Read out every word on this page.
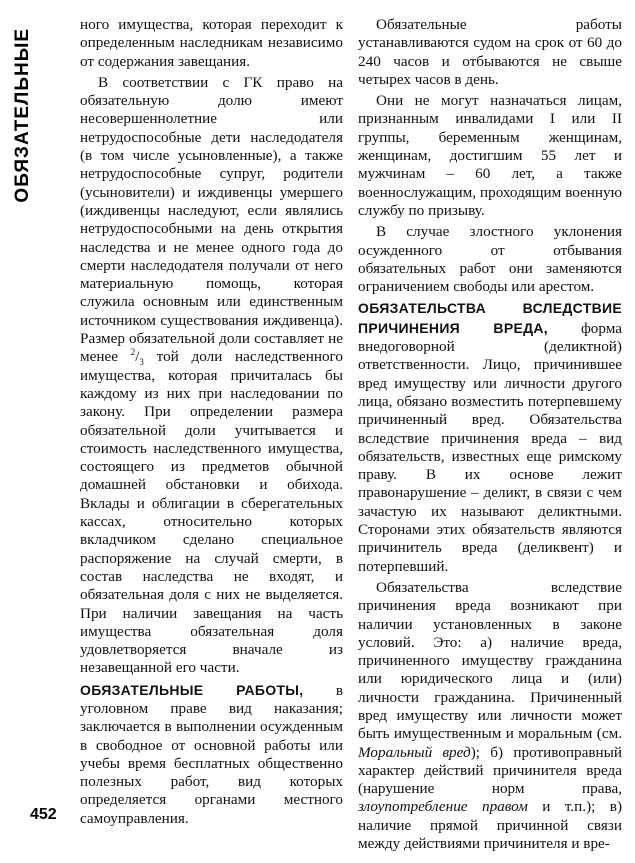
ОБЯЗАТЕЛЬНЫЕ
452

ного имущества, которая переходит к определенным наследникам независимо от содержания завещания.

В соответствии с ГК право на обязательную долю имеют несовершеннолетние или нетрудоспособные дети наследодателя (в том числе усыновленные), а также нетрудоспособные супруг, родители (усыновители) и иждивенцы умершего (иждивенцы наследуют, если являлись нетрудоспособными на день открытия наследства и не менее одного года до смерти наследодателя получали от него материальную помощь, которая служила основным или единственным источником существования иждивенца). Размер обязательной доли составляет не менее $^2/_3$ той доли наследственного имущества, которая причиталась бы каждому из них при наследовании по закону. При определении размера обязательной доли учитывается и стоимость наследственного имущества, состоящего из предметов обычной домашней обстановки и обихода. Вклады и облигации в сберегательных кассах, относительно которых вкладчиком сделано специальное распоряжение на случай смерти, в состав наследства не входят, и обязательная доля с них не выделяется. При наличии завещания на часть имущества обязательная доля удовлетворяется вначале из незавещанной его части.

ОБЯЗАТЕЛЬНЫЕ РАБОТЫ, в уголовном праве вид наказания; заключается в выполнении осужденным в свободное от основной работы или учебы время бесплатных общественно полезных работ, вид которых определяется органами местного самоуправления.

Обязательные работы устанавливаются судом на срок от 60 до 240 часов и отбываются не свыше четырех часов в день.

Они не могут назначаться лицам, признанным инвалидами I или II группы, беременным женщинам, женщинам, достигшим 55 лет и мужчинам – 60 лет, а также военнослужащим, проходящим военную службу по призыву.

В случае злостного уклонения осужденного от отбывания обязательных работ они заменяются ограничением свободы или арестом.

ОБЯЗАТЕЛЬСТВА ВСЛЕДСТВИЕ ПРИЧИНЕНИЯ ВРЕДА, форма внедоговорной (деликтной) ответственности. Лицо, причинившее вред имуществу или личности другого лица, обязано возместить потерпевшему причиненный вред. Обязательства вследствие причинения вреда – вид обязательств, известных еще римскому праву. В их основе лежит правонарушение – деликт, в связи с чем зачастую их называют деликтными. Сторонами этих обязательств являются причинитель вреда (деликвент) и потерпевший.

Обязательства вследствие причинения вреда возникают при наличии установленных в законе условий. Это: а) наличие вреда, причиненного имуществу гражданина или юридического лица и (или) личности гражданина. Причиненный вред имуществу или личности может быть имущественным и моральным (см. Моральный вред); б) противоправный характер действий причинителя вреда (нарушение норм права, злоупотребление правом и т.п.); в) наличие прямой причинной связи между действиями причинителя и вре-
